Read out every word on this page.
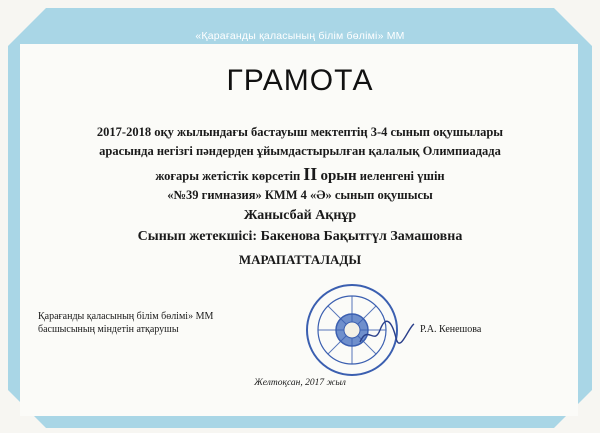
«Қарағанды қаласының білім бөлімі» ММ
ГРАМОТА
2017-2018 оқу жылындағы бастауыш мектептің 3-4 сынып оқушылары
арасында негізгі пәндерден ұйымдастырылған қалалық Олимпиадада
жоғары жетістік көрсетіп II орын иеленгені үшін
«№39 гимназия» КММ 4 «Ә» сынып оқушысы
Жанысбай Ақнұр
Сынып жетекшісі: Бакенова Бақытгүл Замашовна
МАРАПАТТАЛАДЫ
Қарағанды қаласының білім бөлімі» ММ
басшысының міндетін атқарушы	Р.А. Кенешова
Желтоқсан, 2017 жыл
